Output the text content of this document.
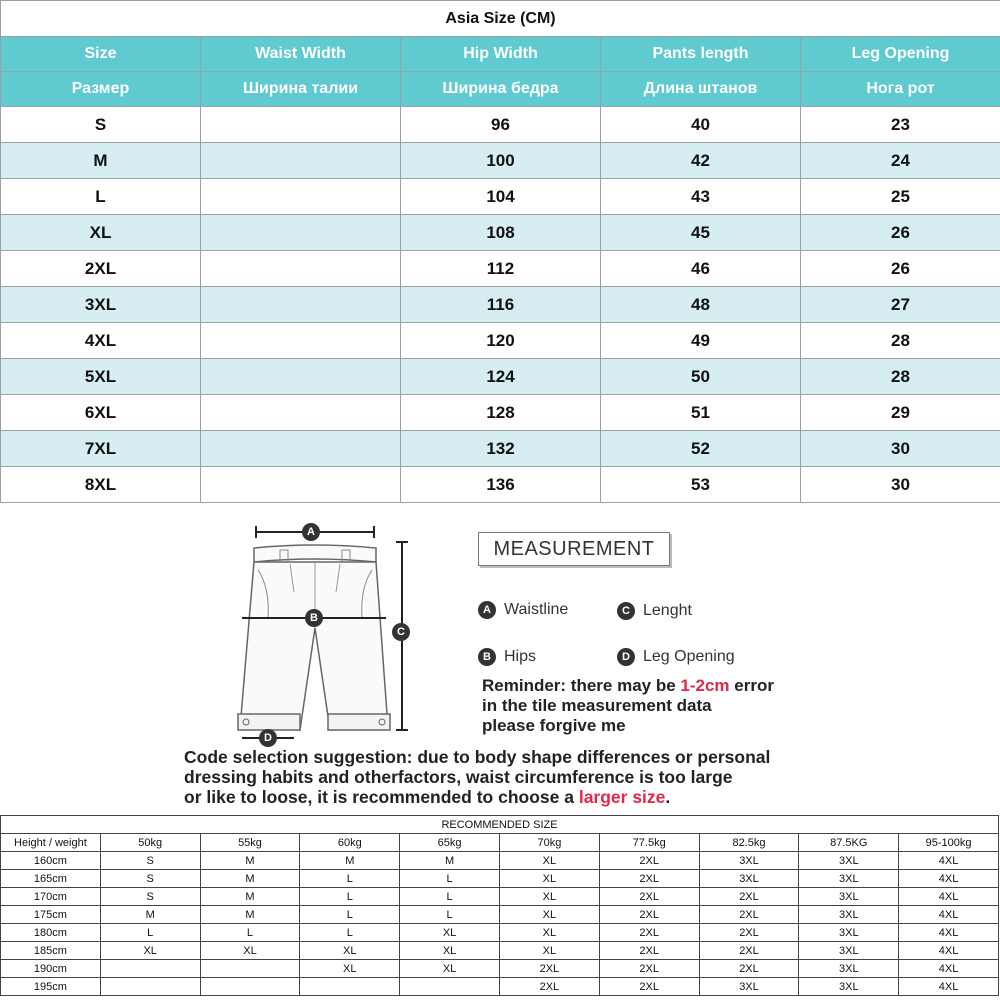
Asia Size (CM)				
Size	Waist Width	Hip Width	Pants length	Leg Opening
Размер	Ширина талии	Ширина бедра	Длина штанов	Нога рот
S		96	40	23
M		100	42	24
L		104	43	25
XL		108	45	26
2XL		112	46	26
3XL		116	48	27
4XL		120	49	28
5XL		124	50	28
6XL		128	51	29
7XL		132	52	30
8XL		136	53	30
A
B
C
D
MEASUREMENT
A Waistline	C Lenght
B Hips	D Leg Opening
Reminder: there may be 1-2cm error
in the tile measurement data
please forgive me
Code selection suggestion: due to body shape differences or personal
dressing habits and otherfactors, waist circumference is too large
or like to loose, it is recommended to choose a larger size.
RECOMMENDED SIZE									
Height / weight	50kg	55kg	60kg	65kg	70kg	77.5kg	82.5kg	87.5KG	95-100kg
160cm	S	M	M	M	XL	2XL	3XL	3XL	4XL
165cm	S	M	L	L	XL	2XL	3XL	3XL	4XL
170cm	S	M	L	L	XL	2XL	2XL	3XL	4XL
175cm	M	M	L	L	XL	2XL	2XL	3XL	4XL
180cm	L	L	L	XL	XL	2XL	2XL	3XL	4XL
185cm	XL	XL	XL	XL	XL	2XL	2XL	3XL	4XL
190cm			XL	XL	2XL	2XL	2XL	3XL	4XL
195cm					2XL	2XL	3XL	3XL	4XL
